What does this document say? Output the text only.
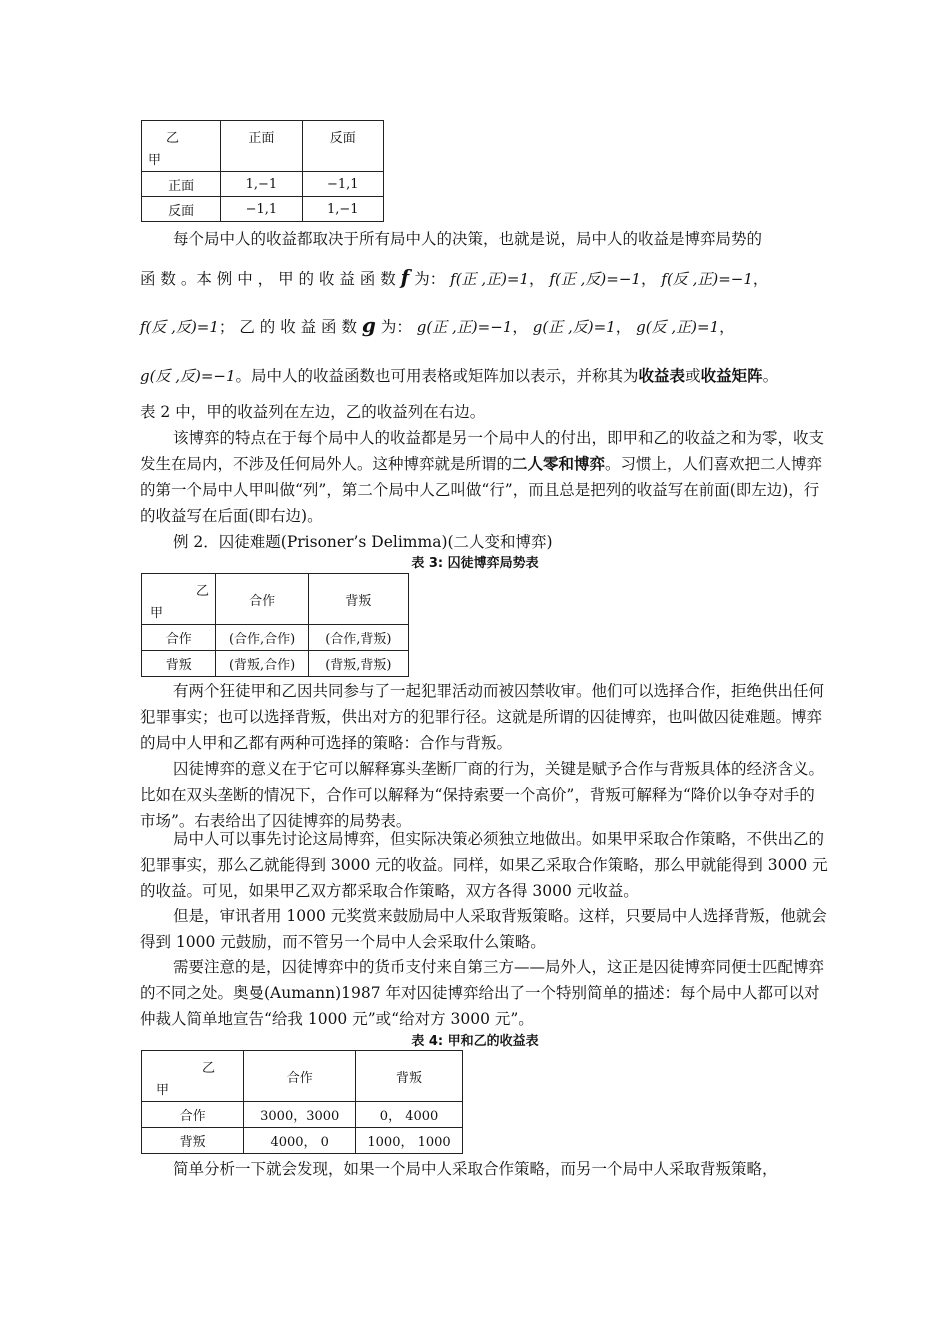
乙
甲	正面	反面
正面	1,−1	−1,1
反面	−1,1	1,−1

每个局中人的收益都取决于所有局中人的决策，也就是说，局中人的收益是博弈局势的

函 数 。本 例 中 ， 甲 的 收 益 函 数 f 为： f(正 ,正)=1， f(正 ,反)=−1， f(反 ,正)=−1，

f(反 ,反)=1； 乙 的 收 益 函 数 g 为： g(正 ,正)=−1， g(正 ,反)=1， g(反 ,正)=1，

g(反 ,反)=−1。局中人的收益函数也可用表格或矩阵加以表示，并称其为收益表或收益矩阵。

表 2 中，甲的收益列在左边，乙的收益列在右边。

该博弈的特点在于每个局中人的收益都是另一个局中人的付出，即甲和乙的收益之和为零，收支发生在局内，不涉及任何局外人。这种博弈就是所谓的二人零和博弈。习惯上，人们喜欢把二人博弈的第一个局中人甲叫做“列”，第二个局中人乙叫做“行”，而且总是把列的收益写在前面(即左边)，行的收益写在后面(即右边)。

例 2．囚徒难题(Prisoner’s Delimma)(二人变和博弈)

表 3: 囚徒博弈局势表
乙
甲	合作	背叛
合作	(合作,合作)	(合作,背叛)
背叛	(背叛,合作)	(背叛,背叛)

有两个狂徒甲和乙因共同参与了一起犯罪活动而被囚禁收审。他们可以选择合作，拒绝供出任何犯罪事实；也可以选择背叛，供出对方的犯罪行径。这就是所谓的囚徒博弈，也叫做囚徒难题。博弈的局中人甲和乙都有两种可选择的策略：合作与背叛。

囚徒博弈的意义在于它可以解释寡头垄断厂商的行为，关键是赋予合作与背叛具体的经济含义。比如在双头垄断的情况下，合作可以解释为“保持索要一个高价”，背叛可解释为“降价以争夺对手的市场”。右表给出了囚徒博弈的局势表。

局中人可以事先讨论这局博弈，但实际决策必须独立地做出。如果甲采取合作策略，不供出乙的犯罪事实，那么乙就能得到 3000 元的收益。同样，如果乙采取合作策略，那么甲就能得到 3000 元的收益。可见，如果甲乙双方都采取合作策略，双方各得 3000 元收益。

但是，审讯者用 1000 元奖赏来鼓励局中人采取背叛策略。这样，只要局中人选择背叛，他就会得到 1000 元鼓励，而不管另一个局中人会采取什么策略。

需要注意的是，囚徒博弈中的货币支付来自第三方——局外人，这正是囚徒博弈同便士匹配博弈的不同之处。奥曼(Aumann)1987 年对囚徒博弈给出了一个特别简单的描述：每个局中人都可以对仲裁人简单地宣告“给我 1000 元”或“给对方 3000 元”。

表 4: 甲和乙的收益表
乙
甲	合作	背叛
合作	3000，3000	0， 4000
背叛	4000， 0	1000， 1000

简单分析一下就会发现，如果一个局中人采取合作策略，而另一个局中人采取背叛策略，
